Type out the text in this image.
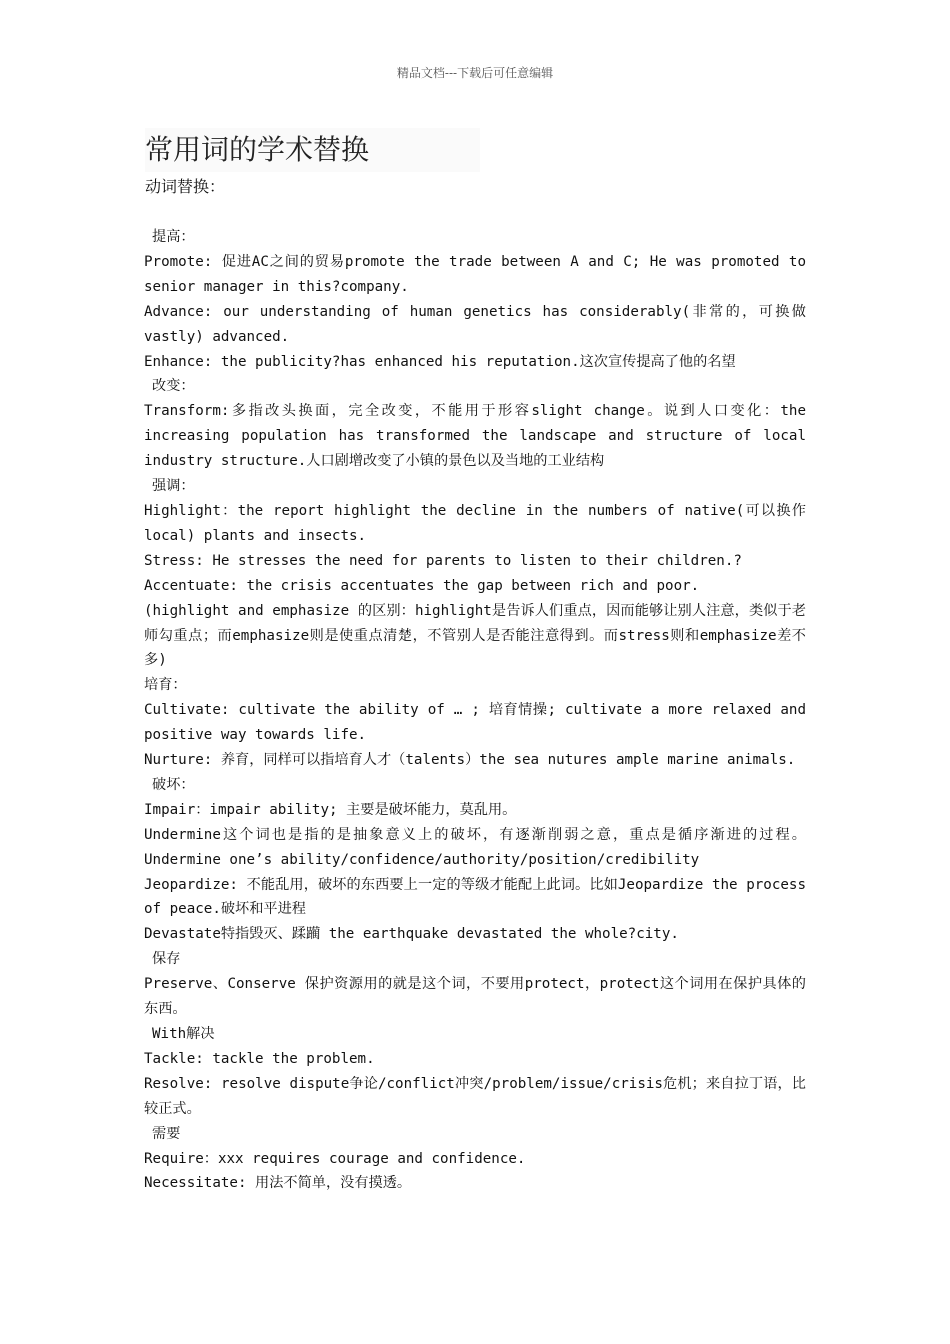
精品文档---下载后可任意编辑
常用词的学术替换
动词替换：

提高：

Promote: 促进AC之间的贸易promote the trade between A and C; He was promoted to senior manager in this?company.

Advance: our understanding of human genetics has considerably(非常的，可换做vastly) advanced.

Enhance: the publicity?has enhanced his reputation.这次宣传提高了他的名望

改变：

Transform:多指改头换面，完全改变，不能用于形容slight change。说到人口变化：the increasing population has transformed the landscape and structure of local industry structure.人口剧增改变了小镇的景色以及当地的工业结构

强调：

Highlight：the report highlight the decline in the numbers of native(可以换作local) plants and insects.

Stress: He stresses the need for parents to listen to their children.?

Accentuate: the crisis accentuates the gap between rich and poor.

(highlight and emphasize 的区别：highlight是告诉人们重点，因而能够让别人注意，类似于老师勾重点；而emphasize则是使重点清楚，不管别人是否能注意得到。而stress则和emphasize差不多)

培育：

Cultivate: cultivate the ability of … ; 培育情操; cultivate a more relaxed and positive way towards life.

Nurture: 养育，同样可以指培育人才（talents）the sea nutures ample marine animals.

破坏：

Impair：impair ability; 主要是破坏能力，莫乱用。

Undermine这个词也是指的是抽象意义上的破坏，有逐渐削弱之意，重点是循序渐进的过程。Undermine one’s ability/confidence/authority/position/credibility

Jeopardize: 不能乱用，破坏的东西要上一定的等级才能配上此词。比如Jeopardize the process of peace.破坏和平进程

Devastate特指毁灭、蹂躏 the earthquake devastated the whole?city.

保存

Preserve、Conserve 保护资源用的就是这个词，不要用protect，protect这个词用在保护具体的东西。

With解决

Tackle: tackle the problem.

Resolve: resolve dispute争论/conflict冲突/problem/issue/crisis危机；来自拉丁语，比较正式。

需要

Require：xxx requires courage and confidence.

Necessitate: 用法不简单，没有摸透。
